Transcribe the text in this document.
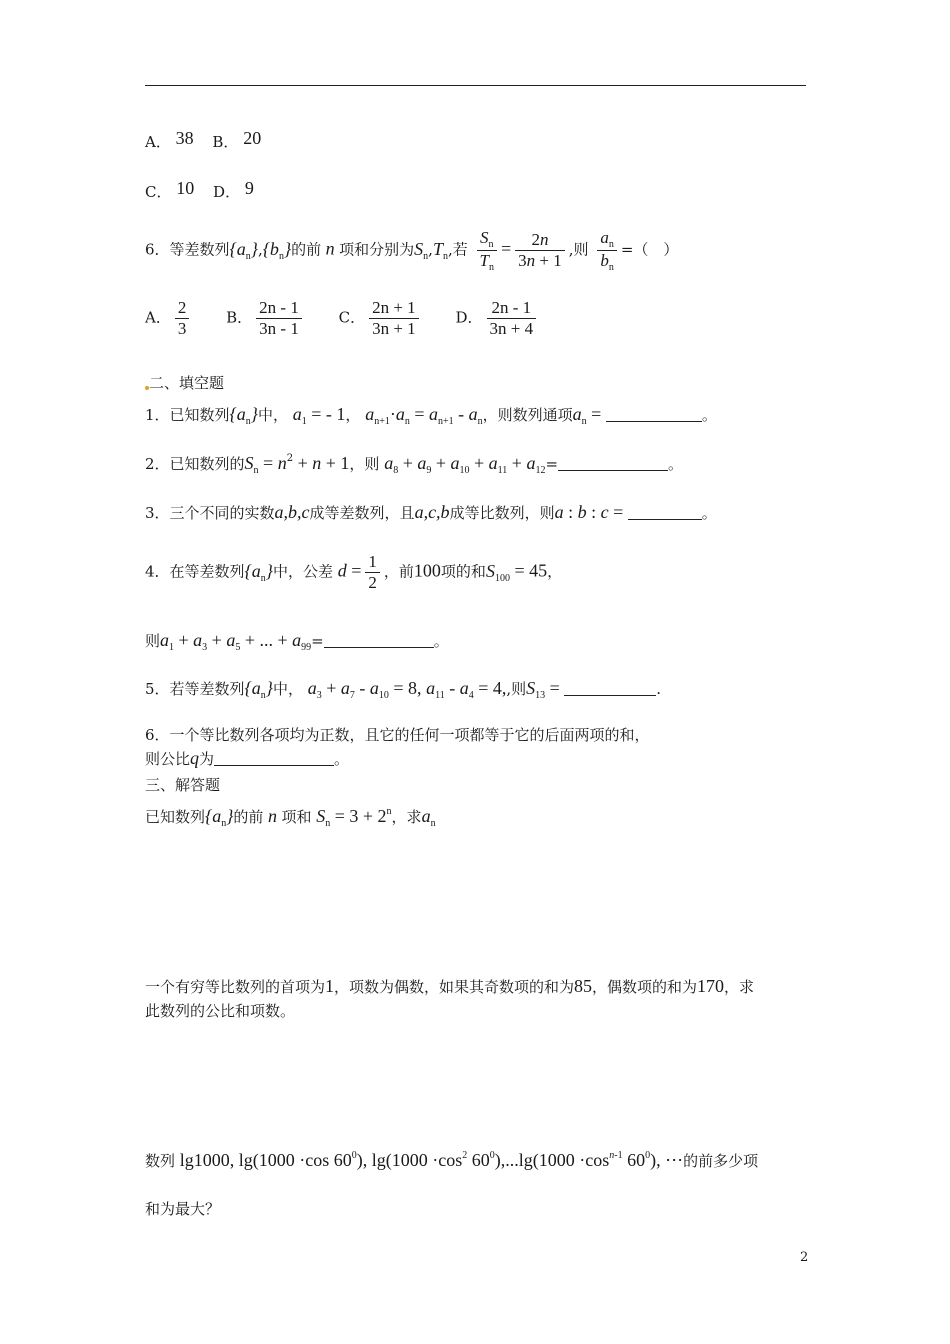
A． 38 B． 20
C． 10 D． 9
6．等差数列$\{a_n\},\{b_n\}$的前 n 项和分别为$S_n,T_n$,若 $\frac{S_n}{T_n} = \frac{2n}{3n + 1}$ ,则 $\frac{a_n}{b_n}$ =（　）
A． $\frac{2}{3}$ B． $\frac{2n - 1}{3n - 1}$ C． $\frac{2n + 1}{3n + 1}$ D． $\frac{2n - 1}{3n + 4}$
二、填空题
1．已知数列$\{a_n\}$中， $a_1$ = - 1， $a_{n+1}\cdot a_n = a_{n+1} - a_n$，则数列通项$a_n$ =	。
2．已知数列的$S_n = n^2 + n + 1$，则 $a_8 + a_9 + a_{10} + a_{11} + a_{12}=$	。
3．三个不同的实数a,b,c成等差数列，且a,c,b成等比数列，则a : b : c =	。
4．在等差数列$\{a_n\}$中，公差 $d = \frac{1}{2}$ ，前100项的和$S_{100} = 45$，
则$a_1 + a_3 + a_5$ + ... + $a_{99}=$	。
5．若等差数列$\{a_n\}$中， $a_3 + a_7 - a_{10} = 8$, $a_{11} - a_4 = 4$,,则$S_{13}$ =	.
6．一个等比数列各项均为正数，且它的任何一项都等于它的后面两项的和，
则公比q为	。
三、解答题
已知数列$\{a_n\}$的前 n 项和 $S_n = 3 + 2^n$，求$a_n$
一个有穷等比数列的首项为1，项数为偶数，如果其奇数项的和为85，偶数项的和为170，求
此数列的公比和项数。
数列 lg1000, lg(1000 ·cos $60^0$), $\lg(1000 \cdot\cos^2$ $60^0),...\lg(1000 \cdot\cos^{n-1}$ $60^0$), ⋯的前多少项
和为最大？
2
